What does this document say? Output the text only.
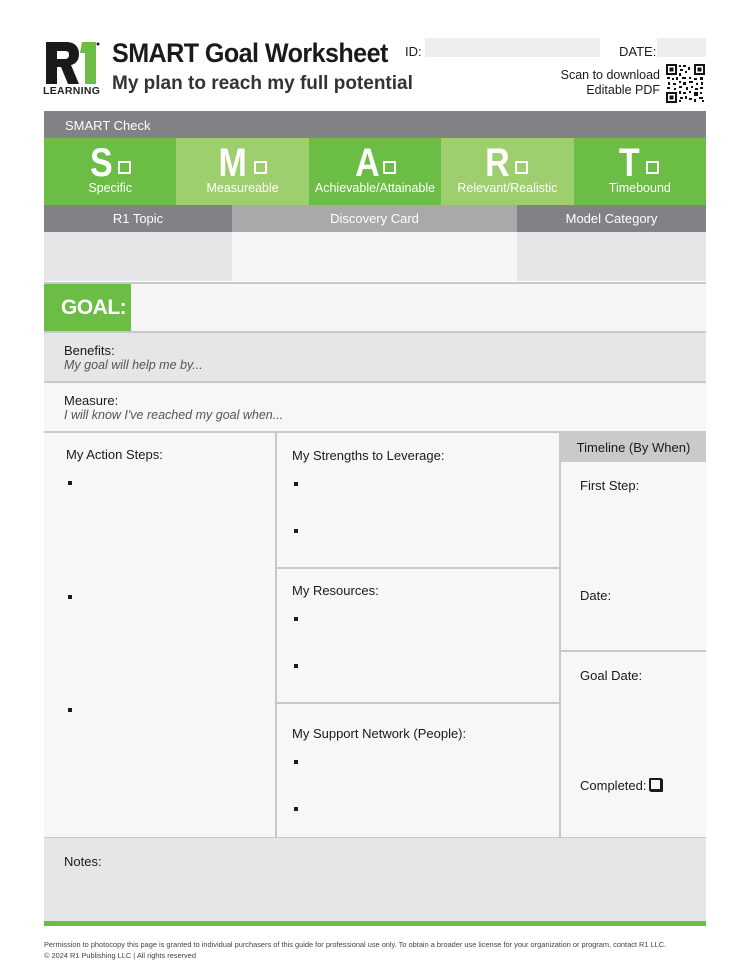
LEARNING
SMART Goal Worksheet
My plan to reach my full potential
ID:	DATE:
Scan to download
Editable PDF
SMART Check
S
Specific
M
Measureable
A
Achievable/Attainable
R
Relevant/Realistic
T
Timebound
R1 Topic	Discovery Card	Model Category
GOAL:
Benefits:
My goal will help me by...
Measure:
I will know I've reached my goal when...
My Action Steps:	My Strengths to Leverage:
My Resources:
My Support Network (People):
Timeline (By When)
First Step:
Date:
Goal Date:
Completed:
Notes:
Permission to photocopy this page is granted to individual purchasers of this guide for professional use only. To obtain a broader use license for your organization or program, contact R1 LLC.
© 2024 R1 Publishing LLC | All rights reserved
